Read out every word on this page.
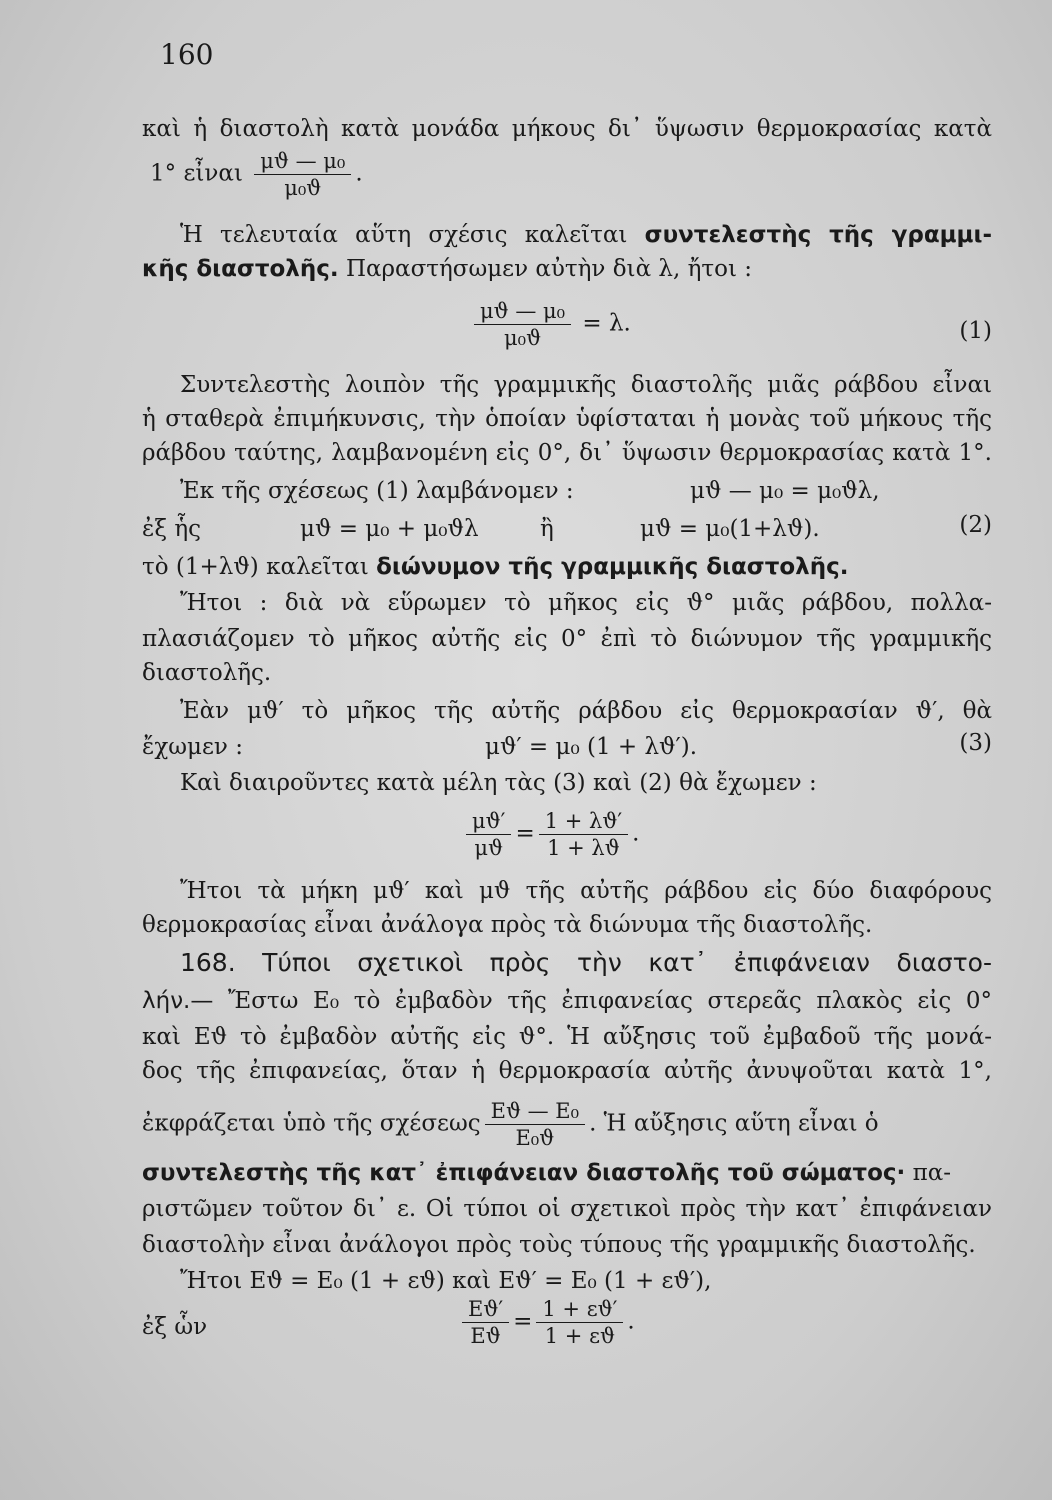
160
καὶ ἡ διαστολὴ κατὰ μονάδα μήκους δι᾽ ὕψωσιν θερμοκρασίας κατὰ
1° εἶναι $\frac{\text{μϑ — μ₀}}{\text{μ₀ϑ}}$ .
Ἡ τελευταία αὕτη σχέσις καλεῖται συντελεστὴς τῆς γραμμι-
κῆς διαστολῆς. Παραστήσωμεν αὐτὴν διὰ λ, ἤτοι :
$\frac{\text{μϑ — μ₀}}{\text{μ₀ϑ}} = \lambda$.	(1)
Συντελεστὴς λοιπὸν τῆς γραμμικῆς διαστολῆς μιᾶς ράβδου εἶναι
ἡ σταθερὰ ἐπιμήκυνσις, τὴν ὁποίαν ὑφίσταται ἡ μονὰς τοῦ μήκους τῆς
ράβδου ταύτης, λαμβανομένη εἰς 0°, δι᾽ ὕψωσιν θερμοκρασίας κατὰ 1°.
Ἐκ τῆς σχέσεως (1) λαμβάνομεν :	μϑ — μ₀ = μ₀ϑλ,
ἐξ ἧς	μϑ = μ₀ + μ₀ϑλ	ἢ	μϑ = μ₀(1+λϑ).	(2)
τὸ (1+λϑ) καλεῖται διώνυμον τῆς γραμμικῆς διαστολῆς.
Ἤτοι : διὰ νὰ εὕρωμεν τὸ μῆκος εἰς ϑ° μιᾶς ράβδου, πολλα-
πλασιάζομεν τὸ μῆκος αὐτῆς εἰς 0° ἐπὶ τὸ διώνυμον τῆς γραμμικῆς
διαστολῆς.
Ἐὰν μϑ′ τὸ μῆκος τῆς αὐτῆς ράβδου εἰς θερμοκρασίαν ϑ′, θὰ
ἔχωμεν :	μϑ′ = μ₀ (1 + λϑ′).	(3)
Καὶ διαιροῦντες κατὰ μέλη τὰς (3) καὶ (2) θὰ ἔχωμεν :
$\frac{\mu ϑ'}{\mu ϑ} = \frac{1 + \lambda ϑ'}{1 + \lambda ϑ}$ .
Ἤτοι τὰ μήκη μϑ′ καὶ μϑ τῆς αὐτῆς ράβδου εἰς δύο διαφόρους
θερμοκρασίας εἶναι ἀνάλογα πρὸς τὰ διώνυμα τῆς διαστολῆς.
168. Τύποι σχετικοὶ πρὸς τὴν κατ᾽ ἐπιφάνειαν διαστο-
λήν.— Ἔστω E₀ τὸ ἐμβαδὸν τῆς ἐπιφανείας στερεᾶς πλακὸς εἰς 0°
καὶ Eϑ τὸ ἐμβαδὸν αὐτῆς εἰς ϑ°. Ἡ αὔξησις τοῦ ἐμβαδοῦ τῆς μονά-
δος τῆς ἐπιφανείας, ὅταν ἡ θερμοκρασία αὐτῆς ἀνυψοῦται κατὰ 1°,
ἐκφράζεται ὑπὸ τῆς σχέσεως $\frac{\text{Eϑ — E₀}}{\text{E₀ϑ}}$ . Ἡ αὔξησις αὕτη εἶναι ὁ
συντελεστὴς τῆς κατ᾽ ἐπιφάνειαν διαστολῆς τοῦ σώματος· πα-
ριστῶμεν τοῦτον δι᾽ ε. Οἱ τύποι οἱ σχετικοὶ πρὸς τὴν κατ᾽ ἐπιφάνειαν
διαστολὴν εἶναι ἀνάλογοι πρὸς τοὺς τύπους τῆς γραμμικῆς διαστολῆς.
Ἤτοι Eϑ = E₀ (1 + εϑ) καὶ Eϑ′ = E₀ (1 + εϑ′),
ἐξ ὧν	$\frac{Eϑ'}{Eϑ} = \frac{1 + \varepsilon ϑ'}{1 + \varepsilon ϑ}$ .
